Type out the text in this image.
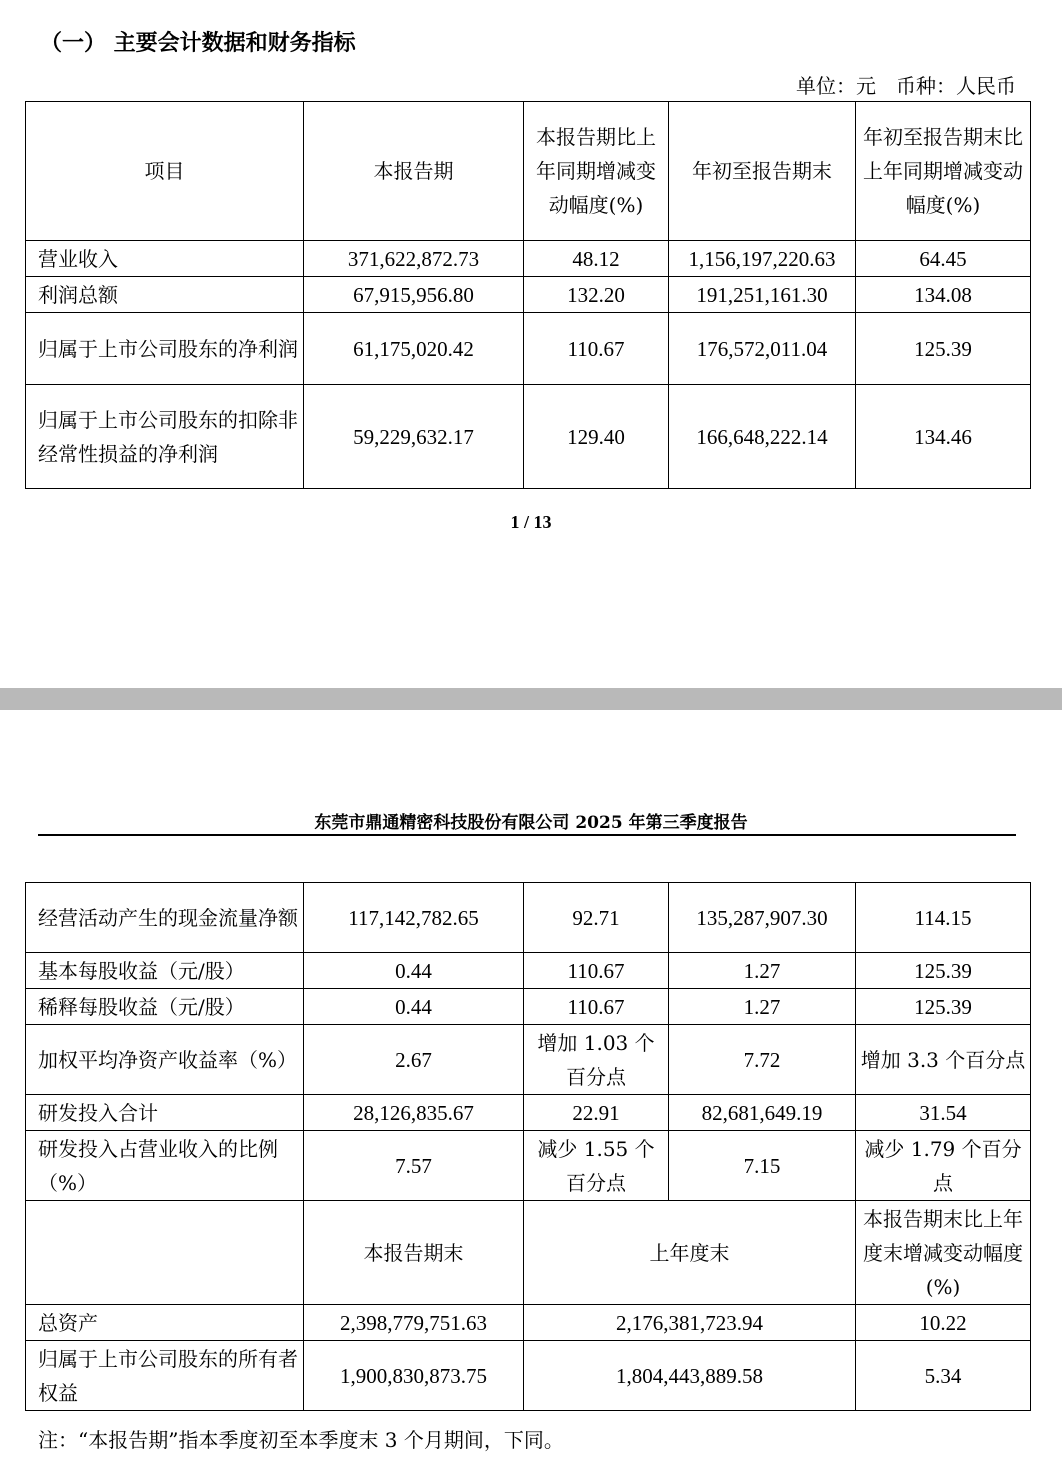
（一） 主要会计数据和财务指标
单位：元　币种：人民币
项目	本报告期	本报告期比上年同期增减变动幅度(%)	年初至报告期末	年初至报告期末比上年同期增减变动幅度(%)
营业收入	371,622,872.73	48.12	1,156,197,220.63	64.45
利润总额	67,915,956.80	132.20	191,251,161.30	134.08
归属于上市公司股东的净利润	61,175,020.42	110.67	176,572,011.04	125.39
归属于上市公司股东的扣除非经常性损益的净利润	59,229,632.17	129.40	166,648,222.14	134.46
1 / 13
东莞市鼎通精密科技股份有限公司 2025 年第三季度报告
经营活动产生的现金流量净额	117,142,782.65	92.71	135,287,907.30	114.15
基本每股收益（元/股）	0.44	110.67	1.27	125.39
稀释每股收益（元/股）	0.44	110.67	1.27	125.39
加权平均净资产收益率（%）	2.67	增加 1.03 个百分点	7.72	增加 3.3 个百分点
研发投入合计	28,126,835.67	22.91	82,681,649.19	31.54
研发投入占营业收入的比例（%）	7.57	减少 1.55 个百分点	7.15	减少 1.79 个百分点
	本报告期末	上年度末		本报告期末比上年度末增减变动幅度(%)
总资产	2,398,779,751.63	2,176,381,723.94		10.22
归属于上市公司股东的所有者权益	1,900,830,873.75	1,804,443,889.58		5.34
注：“本报告期”指本季度初至本季度末 3 个月期间，下同。
